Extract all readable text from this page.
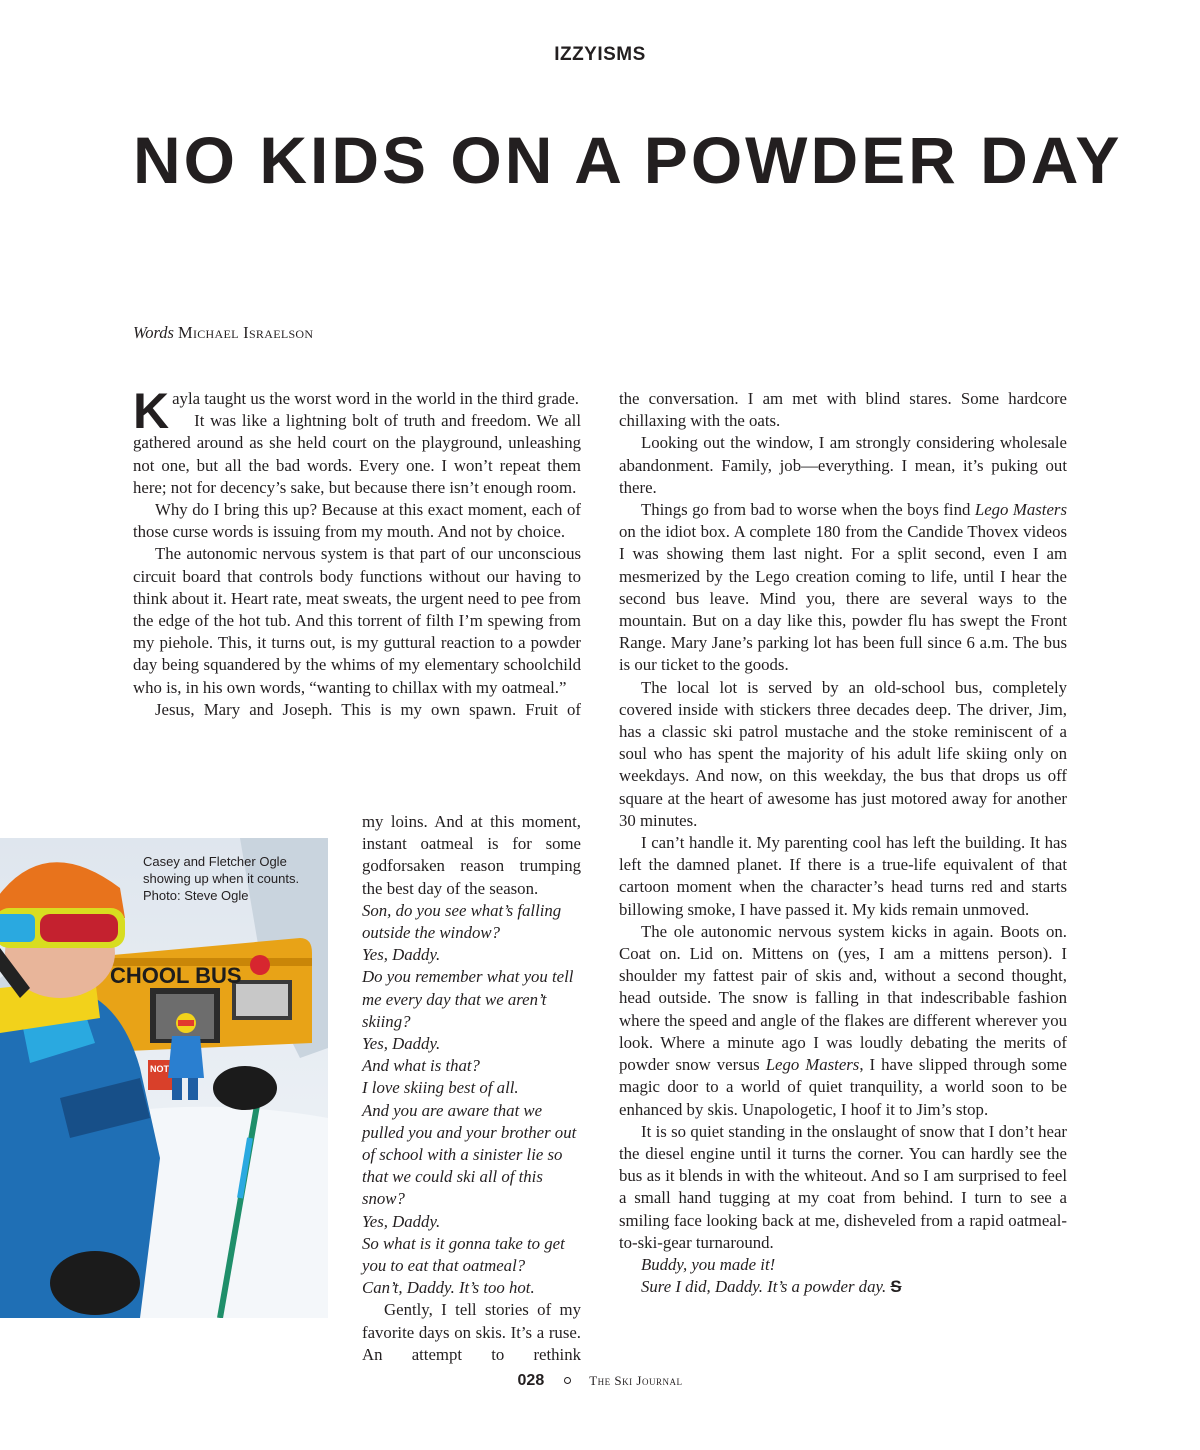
IZZYISMS
NO KIDS ON A POWDER DAY
Words Michael Israelson

Kayla taught us the worst word in the world in the third grade.

It was like a lightning bolt of truth and freedom. We all gathered around as she held court on the playground, unleashing not one, but all the bad words. Every one. I won’t repeat them here; not for decency’s sake, but because there isn’t enough room.

Why do I bring this up? Because at this exact moment, each of those curse words is issuing from my mouth. And not by choice.

The autonomic nervous system is that part of our unconscious circuit board that controls body functions without our having to think about it. Heart rate, meat sweats, the urgent need to pee from the edge of the hot tub. And this torrent of filth I’m spewing from my piehole. This, it turns out, is my guttural reaction to a powder day being squandered by the whims of my elementary schoolchild who is, in his own words, “wanting to chillax with my oatmeal.”

Jesus, Mary and Joseph. This is my own spawn. Fruit of

CHOOL BUS
NOT
Casey and Fletcher Ogle showing up when it counts. Photo: Steve Ogle

my loins. And at this moment, instant oatmeal is for some godforsaken reason trumping the best day of the season.

Son, do you see what’s falling outside the window?

Yes, Daddy.

Do you remember what you tell me every day that we aren’t skiing?

Yes, Daddy.

And what is that?

I love skiing best of all.

And you are aware that we pulled you and your brother out of school with a sinister lie so that we could ski all of this snow?

Yes, Daddy.

So what is it gonna take to get you to eat that oatmeal?

Can’t, Daddy. It’s too hot.

Gently, I tell stories of my favorite days on skis. It’s a ruse. An attempt to rethink

the conversation. I am met with blind stares. Some hardcore chillaxing with the oats.

Looking out the window, I am strongly considering wholesale abandonment. Family, job—everything. I mean, it’s puking out there.

Things go from bad to worse when the boys find Lego Masters on the idiot box. A complete 180 from the Candide Thovex videos I was showing them last night. For a split second, even I am mesmerized by the Lego creation coming to life, until I hear the second bus leave. Mind you, there are several ways to the mountain. But on a day like this, powder flu has swept the Front Range. Mary Jane’s parking lot has been full since 6 a.m. The bus is our ticket to the goods.

The local lot is served by an old-school bus, completely covered inside with stickers three decades deep. The driver, Jim, has a classic ski patrol mustache and the stoke reminiscent of a soul who has spent the majority of his adult life skiing only on weekdays. And now, on this weekday, the bus that drops us off square at the heart of awesome has just motored away for another 30 minutes.

I can’t handle it. My parenting cool has left the building. It has left the damned planet. If there is a true-life equivalent of that cartoon moment when the character’s head turns red and starts billowing smoke, I have passed it. My kids remain unmoved.

The ole autonomic nervous system kicks in again. Boots on. Coat on. Lid on. Mittens on (yes, I am a mittens person). I shoulder my fattest pair of skis and, without a second thought, head outside. The snow is falling in that indescribable fashion where the speed and angle of the flakes are different wherever you look. Where a minute ago I was loudly debating the merits of powder snow versus Lego Masters, I have slipped through some magic door to a world of quiet tranquility, a world soon to be enhanced by skis. Unapologetic, I hoof it to Jim’s stop.

It is so quiet standing in the onslaught of snow that I don’t hear the diesel engine until it turns the corner. You can hardly see the bus as it blends in with the whiteout. And so I am surprised to feel a small hand tugging at my coat from behind. I turn to see a smiling face looking back at me, disheveled from a rapid oatmeal-to-ski-gear turnaround.

Buddy, you made it!

Sure I did, Daddy. It’s a powder day. S

028	The Ski Journal
